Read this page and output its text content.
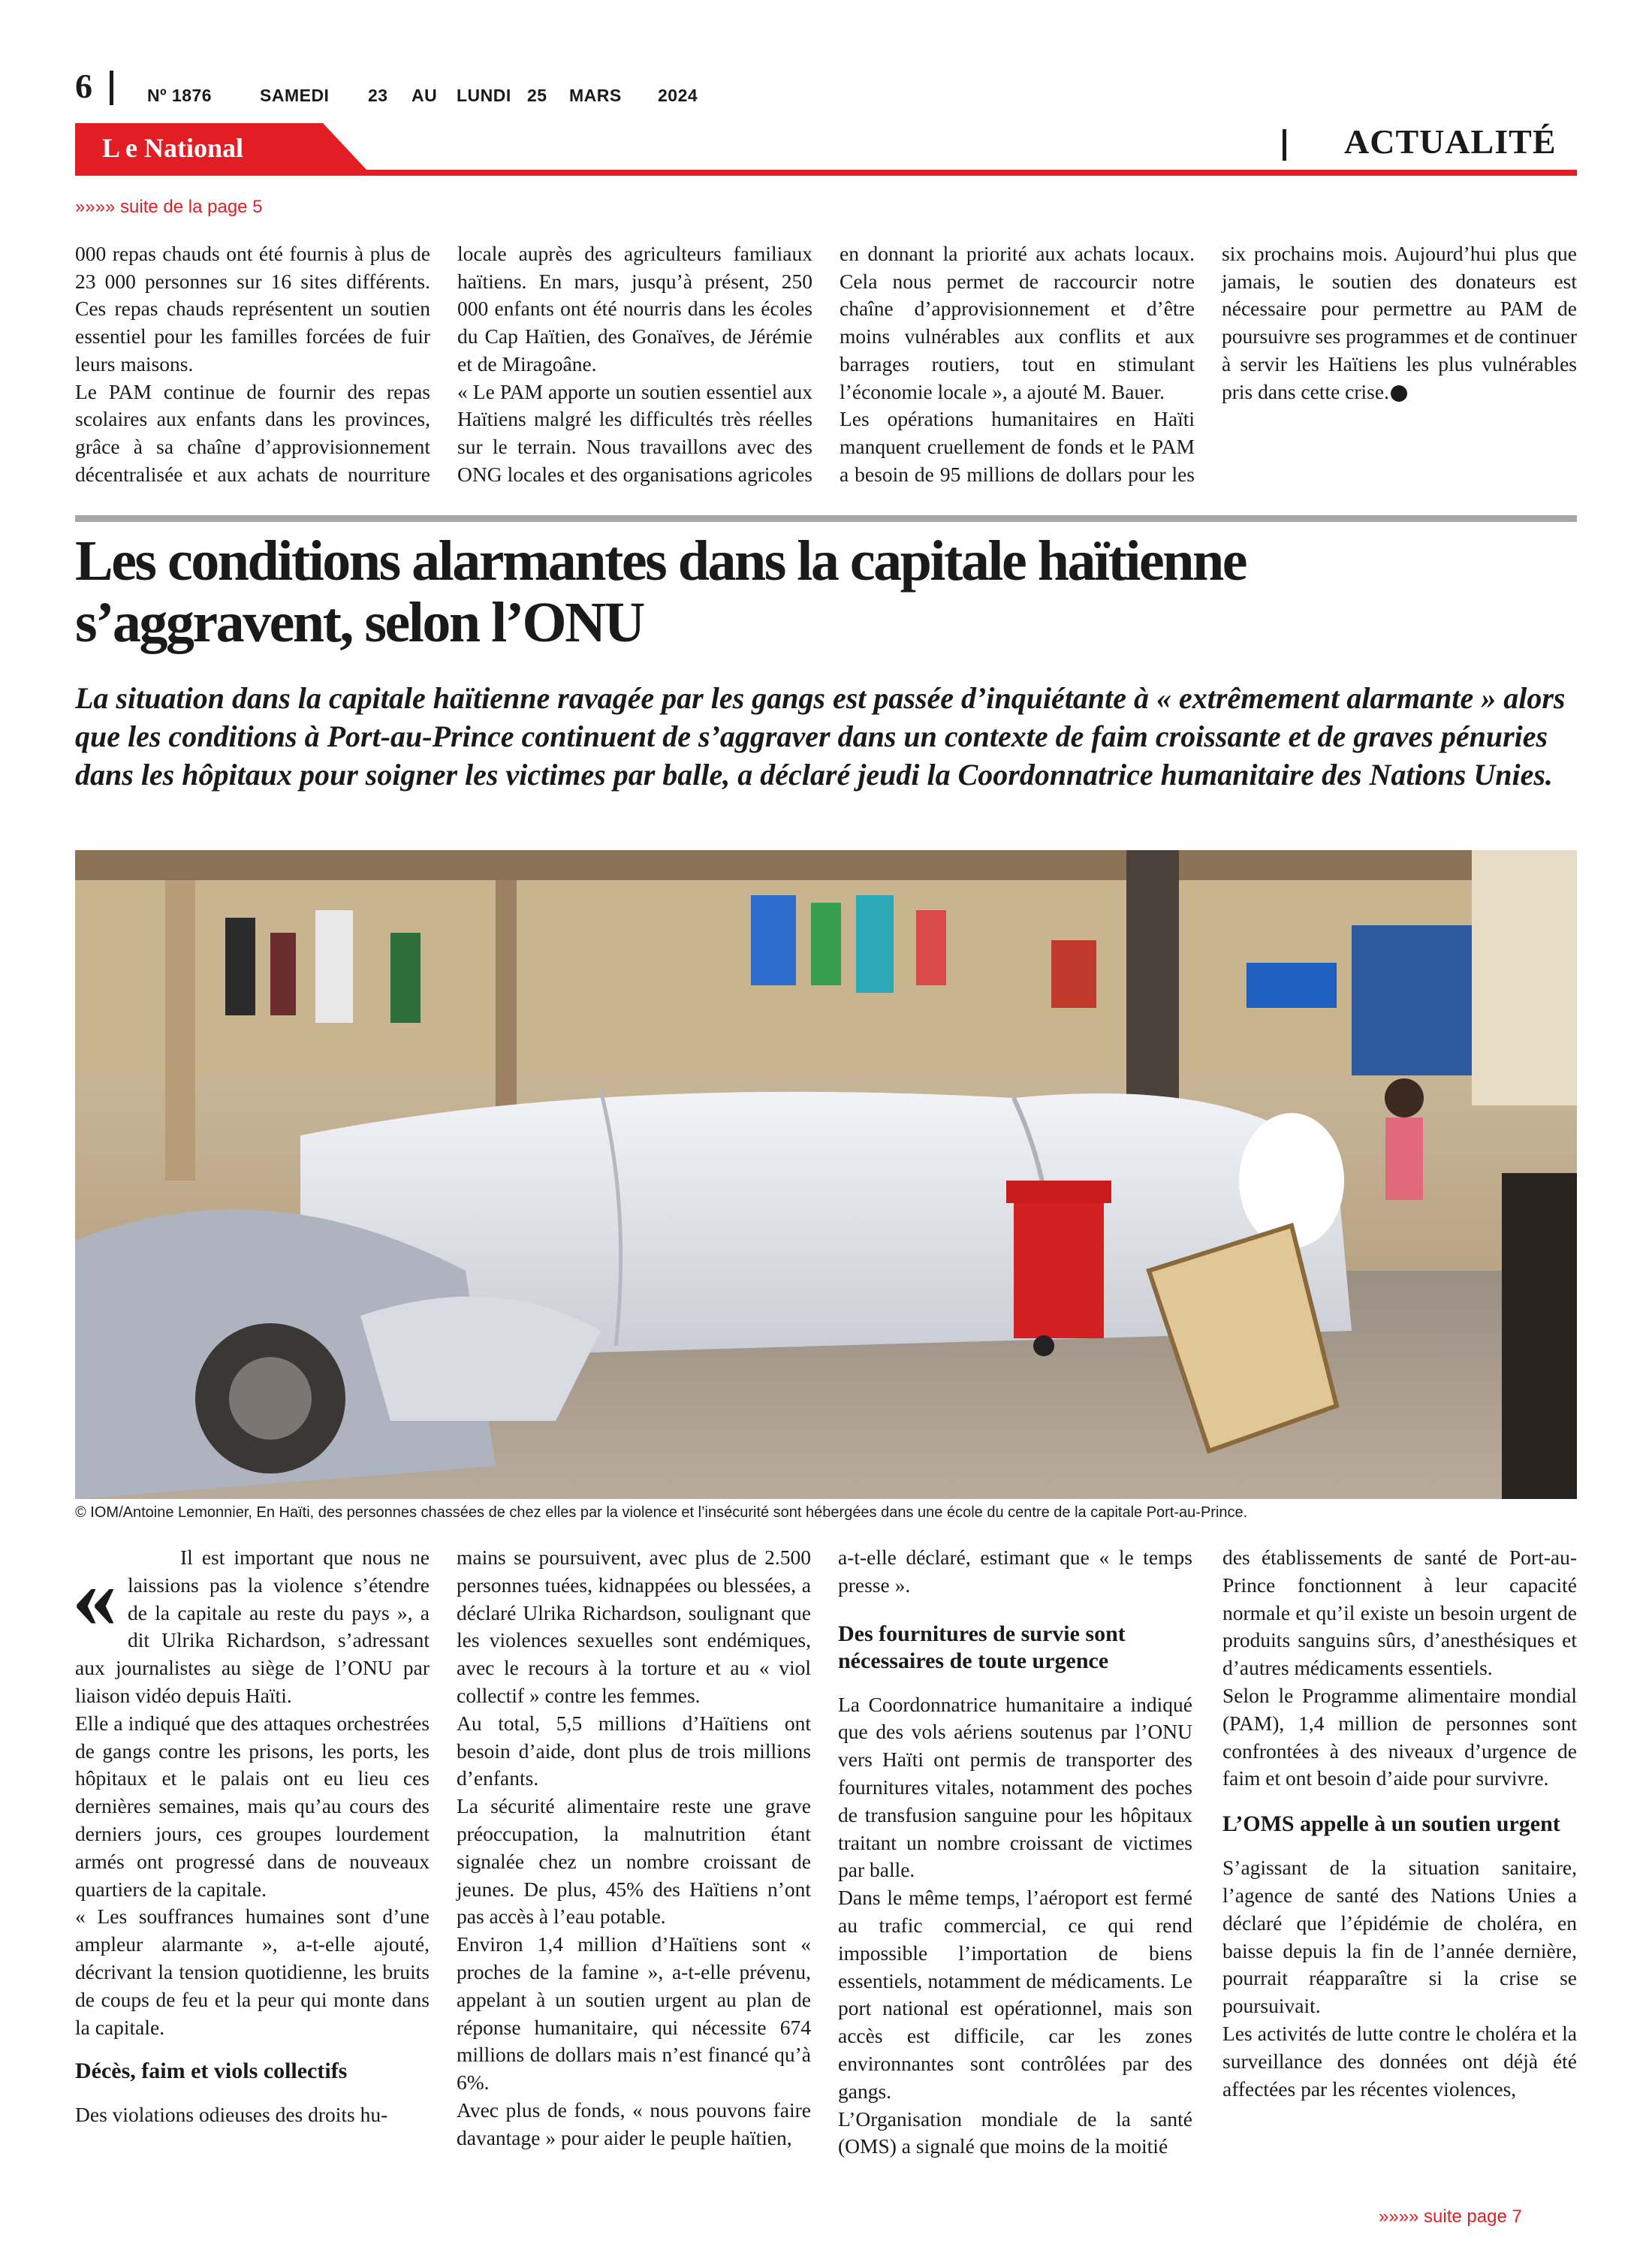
6	Nº 1876	SAMEDI 23 AU LUNDI 25 MARS 2024
L e National	ACTUALITÉ
»»»» suite de la page 5

000 repas chauds ont été fournis à plus de 23 000 personnes sur 16 sites différents. Ces repas chauds représentent un soutien essentiel pour les familles forcées de fuir leurs maisons.

Le PAM continue de fournir des repas scolaires aux enfants dans les provinces, grâce à sa chaîne d’approvisionnement décentralisée et aux achats de nourriture locale auprès des agriculteurs familiaux haïtiens. En mars, jusqu’à présent, 250 000 enfants ont été nourris dans les écoles du Cap Haïtien, des Gonaïves, de Jérémie et de Miragoâne.

« Le PAM apporte un soutien essentiel aux Haïtiens malgré les difficultés très réelles sur le terrain. Nous travaillons avec des ONG locales et des organisations agricoles en donnant la priorité aux achats locaux. Cela nous permet de raccourcir notre chaîne d’approvisionnement et d’être moins vulnérables aux conflits et aux barrages routiers, tout en stimulant l’économie locale », a ajouté M. Bauer.

Les opérations humanitaires en Haïti manquent cruellement de fonds et le PAM a besoin de 95 millions de dollars pour les six prochains mois. Aujourd’hui plus que jamais, le soutien des donateurs est nécessaire pour permettre au PAM de poursuivre ses programmes et de continuer à servir les Haïtiens les plus vulnérables pris dans cette crise.

Les conditions alarmantes dans la capitale haïtienne
s’aggravent, selon l’ONU

La situation dans la capitale haïtienne ravagée par les gangs est passée d’inquiétante à « extrêmement alarmante » alors que les conditions à Port-au-Prince continuent de s’aggraver dans un contexte de faim croissante et de graves pénuries dans les hôpitaux pour soigner les victimes par balle, a déclaré jeudi la Coordonnatrice humanitaire des Nations Unies.

© IOM/Antoine Lemonnier, En Haïti, des personnes chassées de chez elles par la violence et l’insécurité sont hébergées dans une école du centre de la capitale Port-au-Prince.
«	Il est important que nous ne laissions pas la violence s’étendre de la capitale au reste du pays », a dit Ulrika Richardson, s’adressant aux journalistes au siège de l’ONU par liaison vidéo depuis Haïti.

Elle a indiqué que des attaques orchestrées de gangs contre les prisons, les ports, les hôpitaux et le palais ont eu lieu ces dernières semaines, mais qu’au cours des derniers jours, ces groupes lourdement armés ont progressé dans de nouveaux quartiers de la capitale.

« Les souffrances humaines sont d’une ampleur alarmante », a-t-elle ajouté, décrivant la tension quotidienne, les bruits de coups de feu et la peur qui monte dans la capitale.

Décès, faim et viols collectifs

Des violations odieuses des droits hu-

mains se poursuivent, avec plus de 2.500 personnes tuées, kidnappées ou blessées, a déclaré Ulrika Richardson, soulignant que les violences sexuelles sont endémiques, avec le recours à la torture et au « viol collectif » contre les femmes.

Au total, 5,5 millions d’Haïtiens ont besoin d’aide, dont plus de trois millions d’enfants.

La sécurité alimentaire reste une grave préoccupation, la malnutrition étant signalée chez un nombre croissant de jeunes. De plus, 45% des Haïtiens n’ont pas accès à l’eau potable.

Environ 1,4 million d’Haïtiens sont « proches de la famine », a-t-elle prévenu, appelant à un soutien urgent au plan de réponse humanitaire, qui nécessite 674 millions de dollars mais n’est financé qu’à 6%.

Avec plus de fonds, « nous pouvons faire davantage » pour aider le peuple haïtien,

a-t-elle déclaré, estimant que « le temps presse ».

Des fournitures de survie sont nécessaires de toute urgence

La Coordonnatrice humanitaire a indiqué que des vols aériens soutenus par l’ONU vers Haïti ont permis de transporter des fournitures vitales, notamment des poches de transfusion sanguine pour les hôpitaux traitant un nombre croissant de victimes par balle.

Dans le même temps, l’aéroport est fermé au trafic commercial, ce qui rend impossible l’importation de biens essentiels, notamment de médicaments. Le port national est opérationnel, mais son accès est difficile, car les zones environnantes sont contrôlées par des gangs.

L’Organisation mondiale de la santé (OMS) a signalé que moins de la moitié

des établissements de santé de Port-au-Prince fonctionnent à leur capacité normale et qu’il existe un besoin urgent de produits sanguins sûrs, d’anesthésiques et d’autres médicaments essentiels.

Selon le Programme alimentaire mondial (PAM), 1,4 million de personnes sont confrontées à des niveaux d’urgence de faim et ont besoin d’aide pour survivre.

L’OMS appelle à un soutien urgent

S’agissant de la situation sanitaire, l’agence de santé des Nations Unies a déclaré que l’épidémie de choléra, en baisse depuis la fin de l’année dernière, pourrait réapparaître si la crise se poursuivait.

Les activités de lutte contre le choléra et la surveillance des données ont déjà été affectées par les récentes violences,

»»»» suite page 7
